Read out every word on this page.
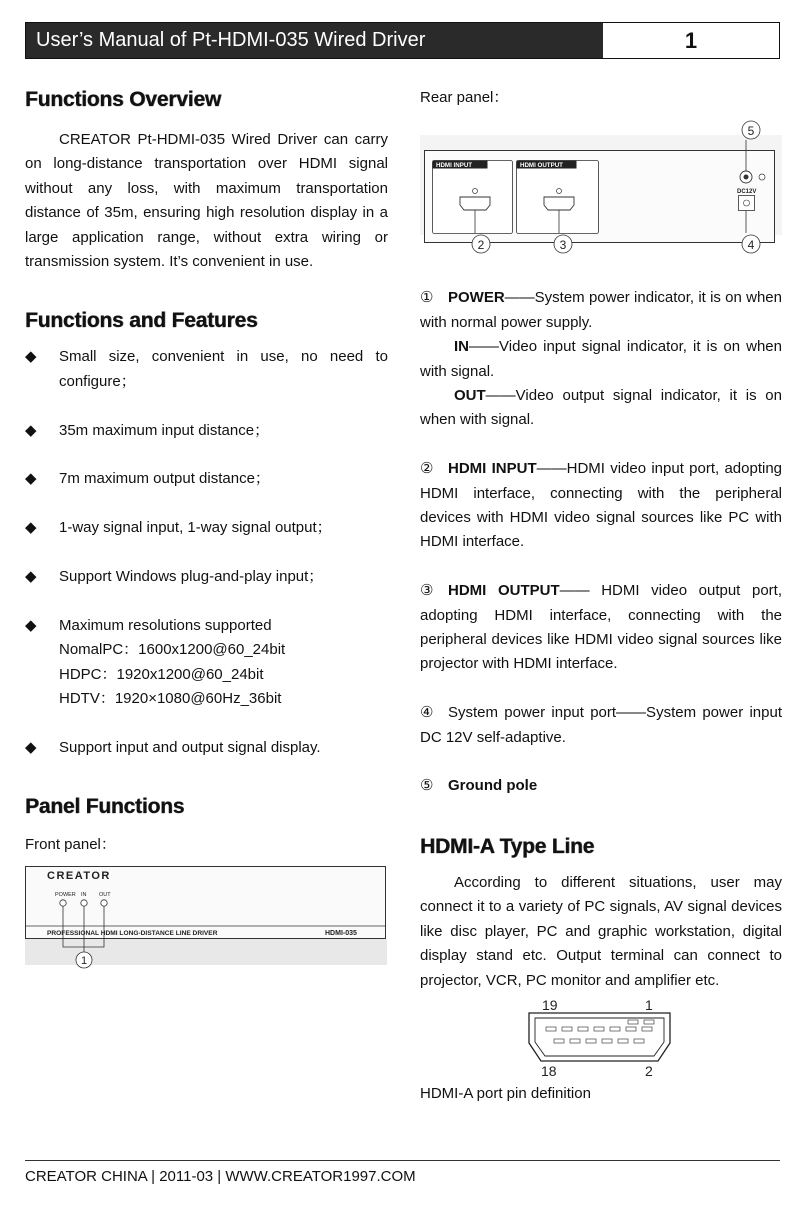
User’s Manual of Pt-HDMI-035 Wired Driver	1
Functions Overview

CREATOR Pt-HDMI-035 Wired Driver can carry on long-distance transportation over HDMI signal without any loss, with maximum transportation distance of 35m, ensuring high resolution display in a large application range, without extra wiring or transmission system. It’s convenient in use.

Functions and Features
◆	Small size, convenient in use, no need to configure；
◆	35m maximum input distance；
◆	7m maximum output distance；
◆	1-way signal input, 1-way signal output；
◆	Support Windows plug-and-play input；
◆	Maximum resolutions supported
NomalPC：1600x1200@60_24bit
HDPC：1920x1200@60_24bit
HDTV：1920×1080@60Hz_36bit
◆	Support input and output signal display.
Panel Functions

Front panel：

CREATOR
POWER IN OUT
PROFESSIONAL HDMI LONG-DISTANCE LINE DRIVER	HDMI-035
1

Rear panel：

HDMI INPUT	HDMI OUTPUT
DC12V
5
2	3	4

① POWER——System power indicator, it is on when with normal power supply.

IN——Video input signal indicator, it is on when with signal.

OUT——Video output signal indicator, it is on when with signal.

② HDMI INPUT——HDMI video input port, adopting HDMI interface, connecting with the peripheral devices with HDMI video signal sources like PC with HDMI interface.

③ HDMI OUTPUT—— HDMI video output port, adopting HDMI interface, connecting with the peripheral devices like HDMI video signal sources like projector with HDMI interface.

④ System power input port——System power input DC 12V self-adaptive.

⑤ Ground pole

HDMI-A Type Line

According to different situations, user may connect it to a variety of PC signals, AV signal devices like disc player, PC and graphic workstation, digital display stand etc. Output terminal can connect to projector, VCR, PC monitor and amplifier etc.

19	1
18	2

HDMI-A port pin definition

CREATOR CHINA | 2011-03 | WWW.CREATOR1997.COM
